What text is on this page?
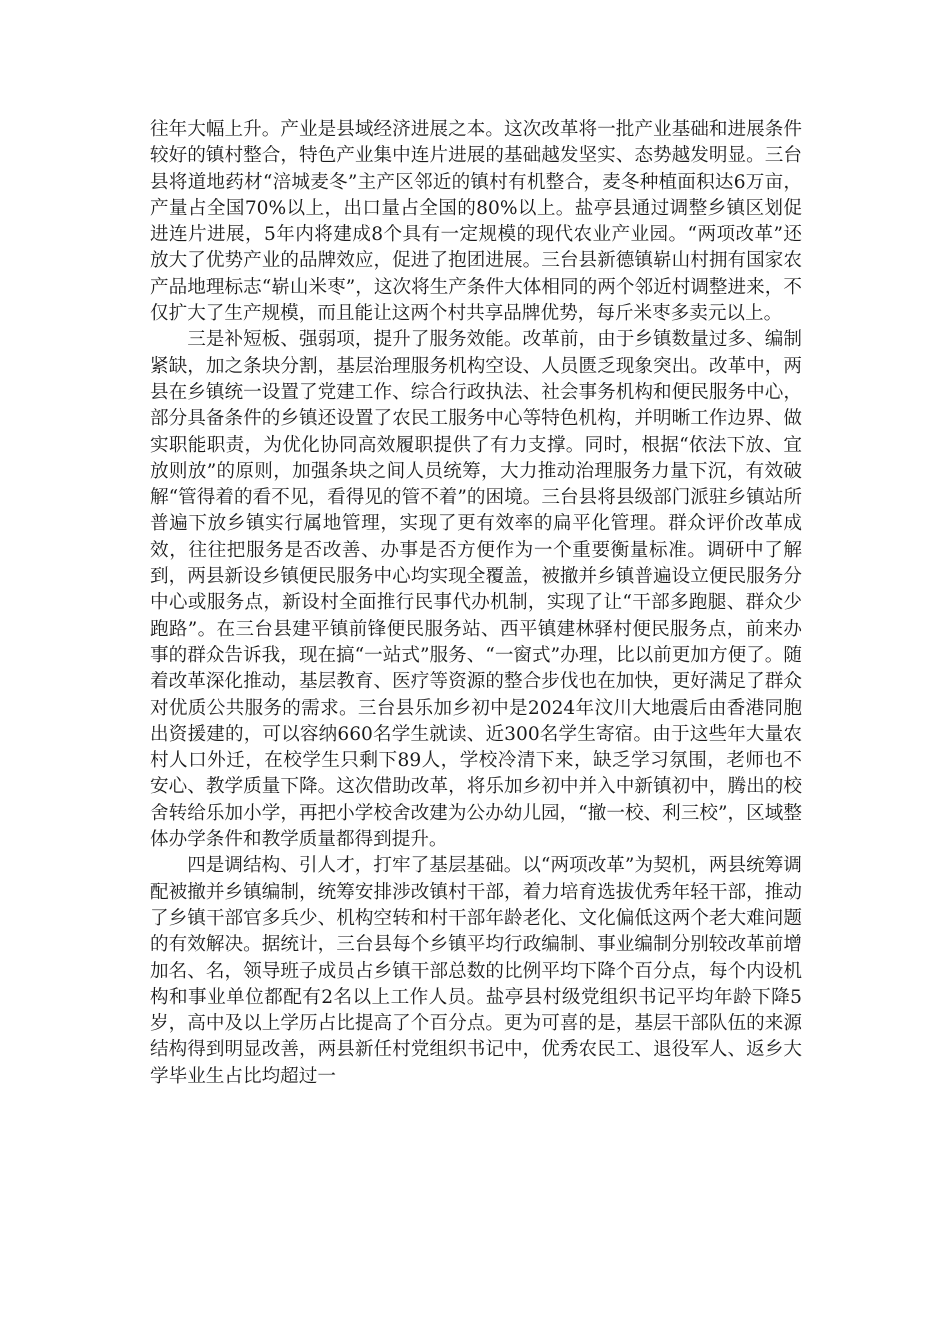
往年大幅上升。产业是县域经济进展之本。这次改革将一批产业基础和进展条件较好的镇村整合，特色产业集中连片进展的基础越发坚实、态势越发明显。三台县将道地药材“涪城麦冬”主产区邻近的镇村有机整合，麦冬种植面积达6万亩，产量占全国70%以上，出口量占全国的80%以上。盐亭县通过调整乡镇区划促进连片进展，5年内将建成8个具有一定规模的现代农业产业园。“两项改革”还放大了优势产业的品牌效应，促进了抱团进展。三台县新德镇崭山村拥有国家农产品地理标志“崭山米枣”，这次将生产条件大体相同的两个邻近村调整进来，不仅扩大了生产规模，而且能让这两个村共享品牌优势，每斤米枣多卖元以上。

三是补短板、强弱项，提升了服务效能。改革前，由于乡镇数量过多、编制紧缺，加之条块分割，基层治理服务机构空设、人员匮乏现象突出。改革中，两县在乡镇统一设置了党建工作、综合行政执法、社会事务机构和便民服务中心，部分具备条件的乡镇还设置了农民工服务中心等特色机构，并明晰工作边界、做实职能职责，为优化协同高效履职提供了有力支撑。同时，根据“依法下放、宜放则放”的原则，加强条块之间人员统筹，大力推动治理服务力量下沉，有效破解“管得着的看不见，看得见的管不着”的困境。三台县将县级部门派驻乡镇站所普遍下放乡镇实行属地管理，实现了更有效率的扁平化管理。群众评价改革成效，往往把服务是否改善、办事是否方便作为一个重要衡量标准。调研中了解到，两县新设乡镇便民服务中心均实现全覆盖，被撤并乡镇普遍设立便民服务分中心或服务点，新设村全面推行民事代办机制，实现了让“干部多跑腿、群众少跑路”。在三台县建平镇前锋便民服务站、西平镇建林驿村便民服务点，前来办事的群众告诉我，现在搞“一站式”服务、“一窗式”办理，比以前更加方便了。随着改革深化推动，基层教育、医疗等资源的整合步伐也在加快，更好满足了群众对优质公共服务的需求。三台县乐加乡初中是2024年汶川大地震后由香港同胞出资援建的，可以容纳660名学生就读、近300名学生寄宿。由于这些年大量农村人口外迁，在校学生只剩下89人，学校冷清下来，缺乏学习氛围，老师也不安心、教学质量下降。这次借助改革，将乐加乡初中并入中新镇初中，腾出的校舍转给乐加小学，再把小学校舍改建为公办幼儿园，“撤一校、利三校”，区域整体办学条件和教学质量都得到提升。

四是调结构、引人才，打牢了基层基础。以“两项改革”为契机，两县统筹调配被撤并乡镇编制，统筹安排涉改镇村干部，着力培育选拔优秀年轻干部，推动了乡镇干部官多兵少、机构空转和村干部年龄老化、文化偏低这两个老大难问题的有效解决。据统计，三台县每个乡镇平均行政编制、事业编制分别较改革前增加名、名，领导班子成员占乡镇干部总数的比例平均下降个百分点，每个内设机构和事业单位都配有2名以上工作人员。盐亭县村级党组织书记平均年龄下降5岁，高中及以上学历占比提高了个百分点。更为可喜的是，基层干部队伍的来源结构得到明显改善，两县新任村党组织书记中，优秀农民工、退役军人、返乡大学毕业生占比均超过一
